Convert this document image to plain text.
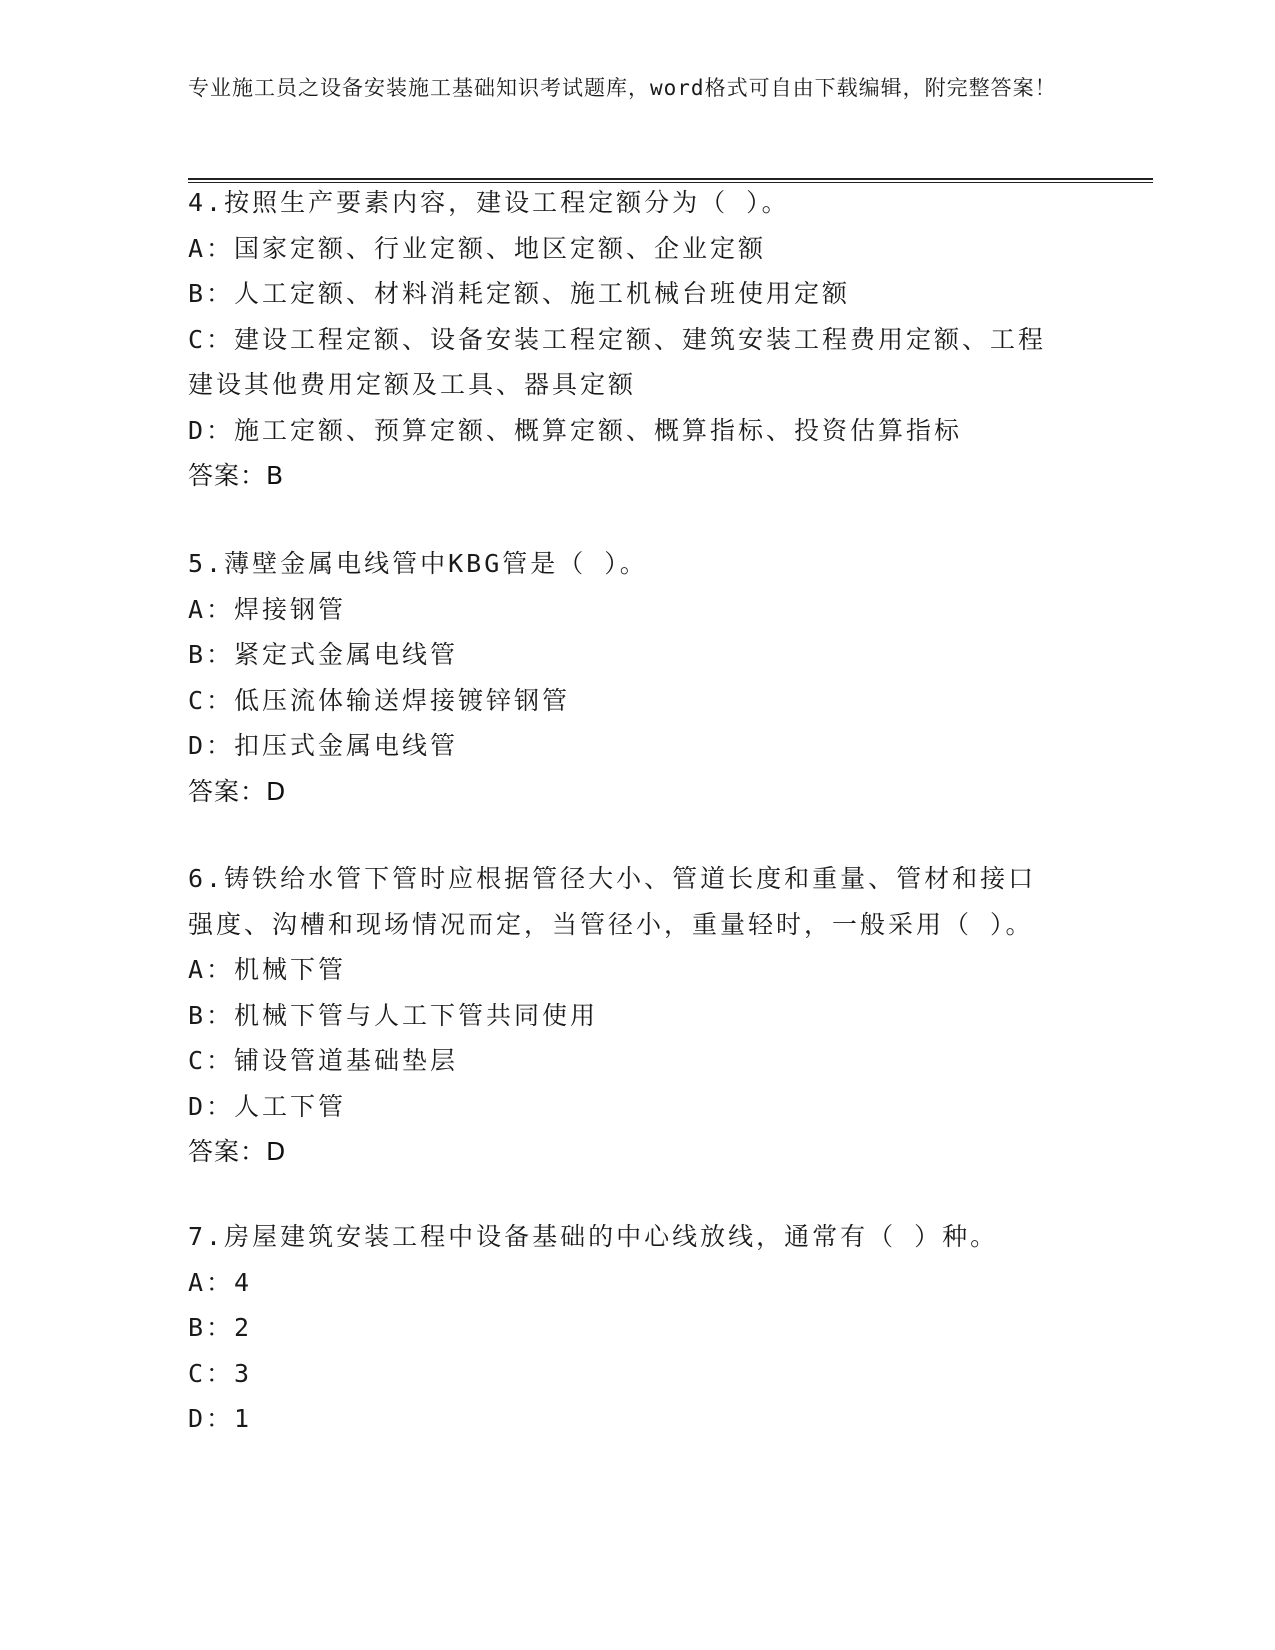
专业施工员之设备安装施工基础知识考试题库，word格式可自由下载编辑，附完整答案！
4.按照生产要素内容，建设工程定额分为（ ）。
A：国家定额、行业定额、地区定额、企业定额
B：人工定额、材料消耗定额、施工机械台班使用定额
C：建设工程定额、设备安装工程定额、建筑安装工程费用定额、工程建设其他费用定额及工具、器具定额
D：施工定额、预算定额、概算定额、概算指标、投资估算指标
答案：B
5.薄壁金属电线管中KBG管是（ ）。
A：焊接钢管
B：紧定式金属电线管
C：低压流体输送焊接镀锌钢管
D：扣压式金属电线管
答案：D
6.铸铁给水管下管时应根据管径大小、管道长度和重量、管材和接口强度、沟槽和现场情况而定，当管径小，重量轻时，一般采用（ ）。
A：机械下管
B：机械下管与人工下管共同使用
C：铺设管道基础垫层
D：人工下管
答案：D
7.房屋建筑安装工程中设备基础的中心线放线，通常有（ ）种。
A：4
B：2
C：3
D：1
